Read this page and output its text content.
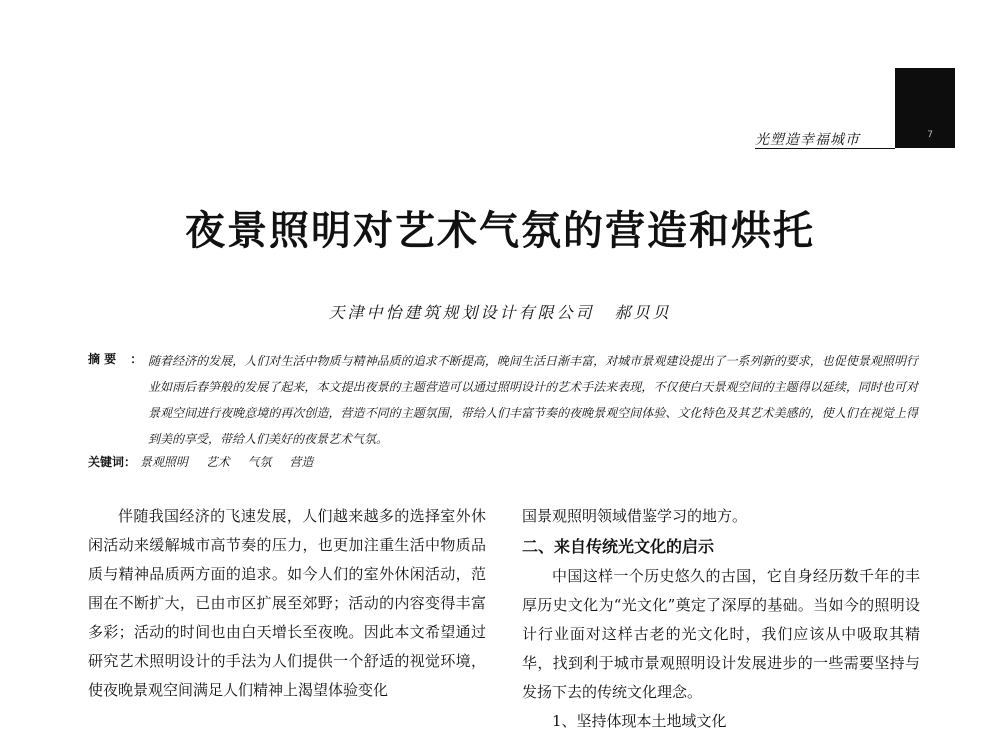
7
光塑造幸福城市
夜景照明对艺术气氛的营造和烘托
天津中怡建筑规划设计有限公司 郝贝贝
摘 要 ： 随着经济的发展，人们对生活中物质与精神品质的追求不断提高，晚间生活日渐丰富，对城市景观建设提出了一系列新的要求，也促使景观照明行业如雨后春笋般的发展了起来，本文提出夜景的主题营造可以通过照明设计的艺术手法来表现，不仅使白天景观空间的主题得以延续，同时也可对景观空间进行夜晚意境的再次创造，营造不同的主题氛围，带给人们丰富节奏的夜晚景观空间体验、文化特色及其艺术美感的，使人们在视觉上得到美的享受，带给人们美好的夜景艺术气氛。
关键词： 景观照明 艺术 气氛 营造

伴随我国经济的飞速发展，人们越来越多的选择室外休闲活动来缓解城市高节奏的压力，也更加注重生活中物质品质与精神品质两方面的追求。如今人们的室外休闲活动，范围在不断扩大，已由市区扩展至郊野；活动的内容变得丰富多彩；活动的时间也由白天增长至夜晚。因此本文希望通过研究艺术照明设计的手法为人们提供一个舒适的视觉环境，使夜晚景观空间满足人们精神上渴望体验变化

国景观照明领域借鉴学习的地方。

二、来自传统光文化的启示

中国这样一个历史悠久的古国，它自身经历数千年的丰厚历史文化为“光文化”奠定了深厚的基础。当如今的照明设计行业面对这样古老的光文化时，我们应该从中吸取其精华，找到利于城市景观照明设计发展进步的一些需要坚持与发扬下去的传统文化理念。

1、坚持体现本土地域文化
